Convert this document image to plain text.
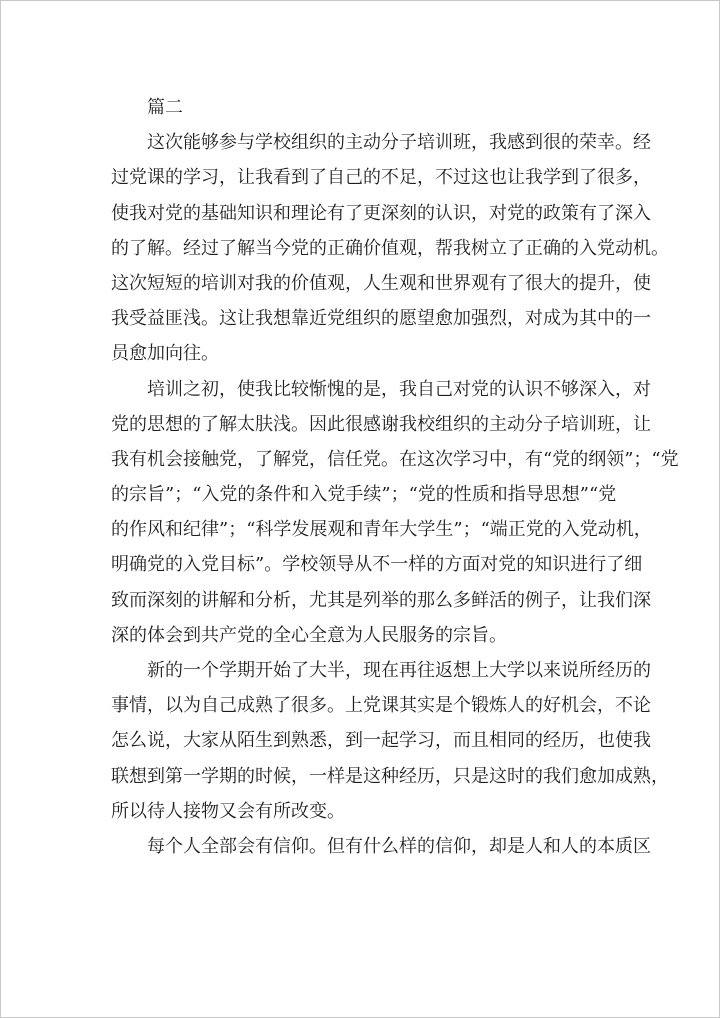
　　篇二
　　这次能够参与学校组织的主动分子培训班，我感到很的荣幸。经
过党课的学习，让我看到了自己的不足，不过这也让我学到了很多，
使我对党的基础知识和理论有了更深刻的认识，对党的政策有了深入
的了解。经过了解当今党的正确价值观，帮我树立了正确的入党动机。
这次短短的培训对我的价值观，人生观和世界观有了很大的提升，使
我受益匪浅。这让我想靠近党组织的愿望愈加强烈，对成为其中的一
员愈加向往。
　　培训之初，使我比较惭愧的是，我自己对党的认识不够深入，对
党的思想的了解太肤浅。因此很感谢我校组织的主动分子培训班，让
我有机会接触党，了解党，信任党。在这次学习中，有“党的纲领”；“党
的宗旨”；“入党的条件和入党手续”；“党的性质和指导思想”“党
的作风和纪律”；“科学发展观和青年大学生”；“端正党的入党动机，
明确党的入党目标”。学校领导从不一样的方面对党的知识进行了细
致而深刻的讲解和分析，尤其是列举的那么多鲜活的例子，让我们深
深的体会到共产党的全心全意为人民服务的宗旨。
　　新的一个学期开始了大半，现在再往返想上大学以来说所经历的
事情，以为自己成熟了很多。上党课其实是个锻炼人的好机会，不论
怎么说，大家从陌生到熟悉，到一起学习，而且相同的经历，也使我
联想到第一学期的时候，一样是这种经历，只是这时的我们愈加成熟，
所以待人接物又会有所改变。
　　每个人全部会有信仰。但有什么样的信仰，却是人和人的本质区
